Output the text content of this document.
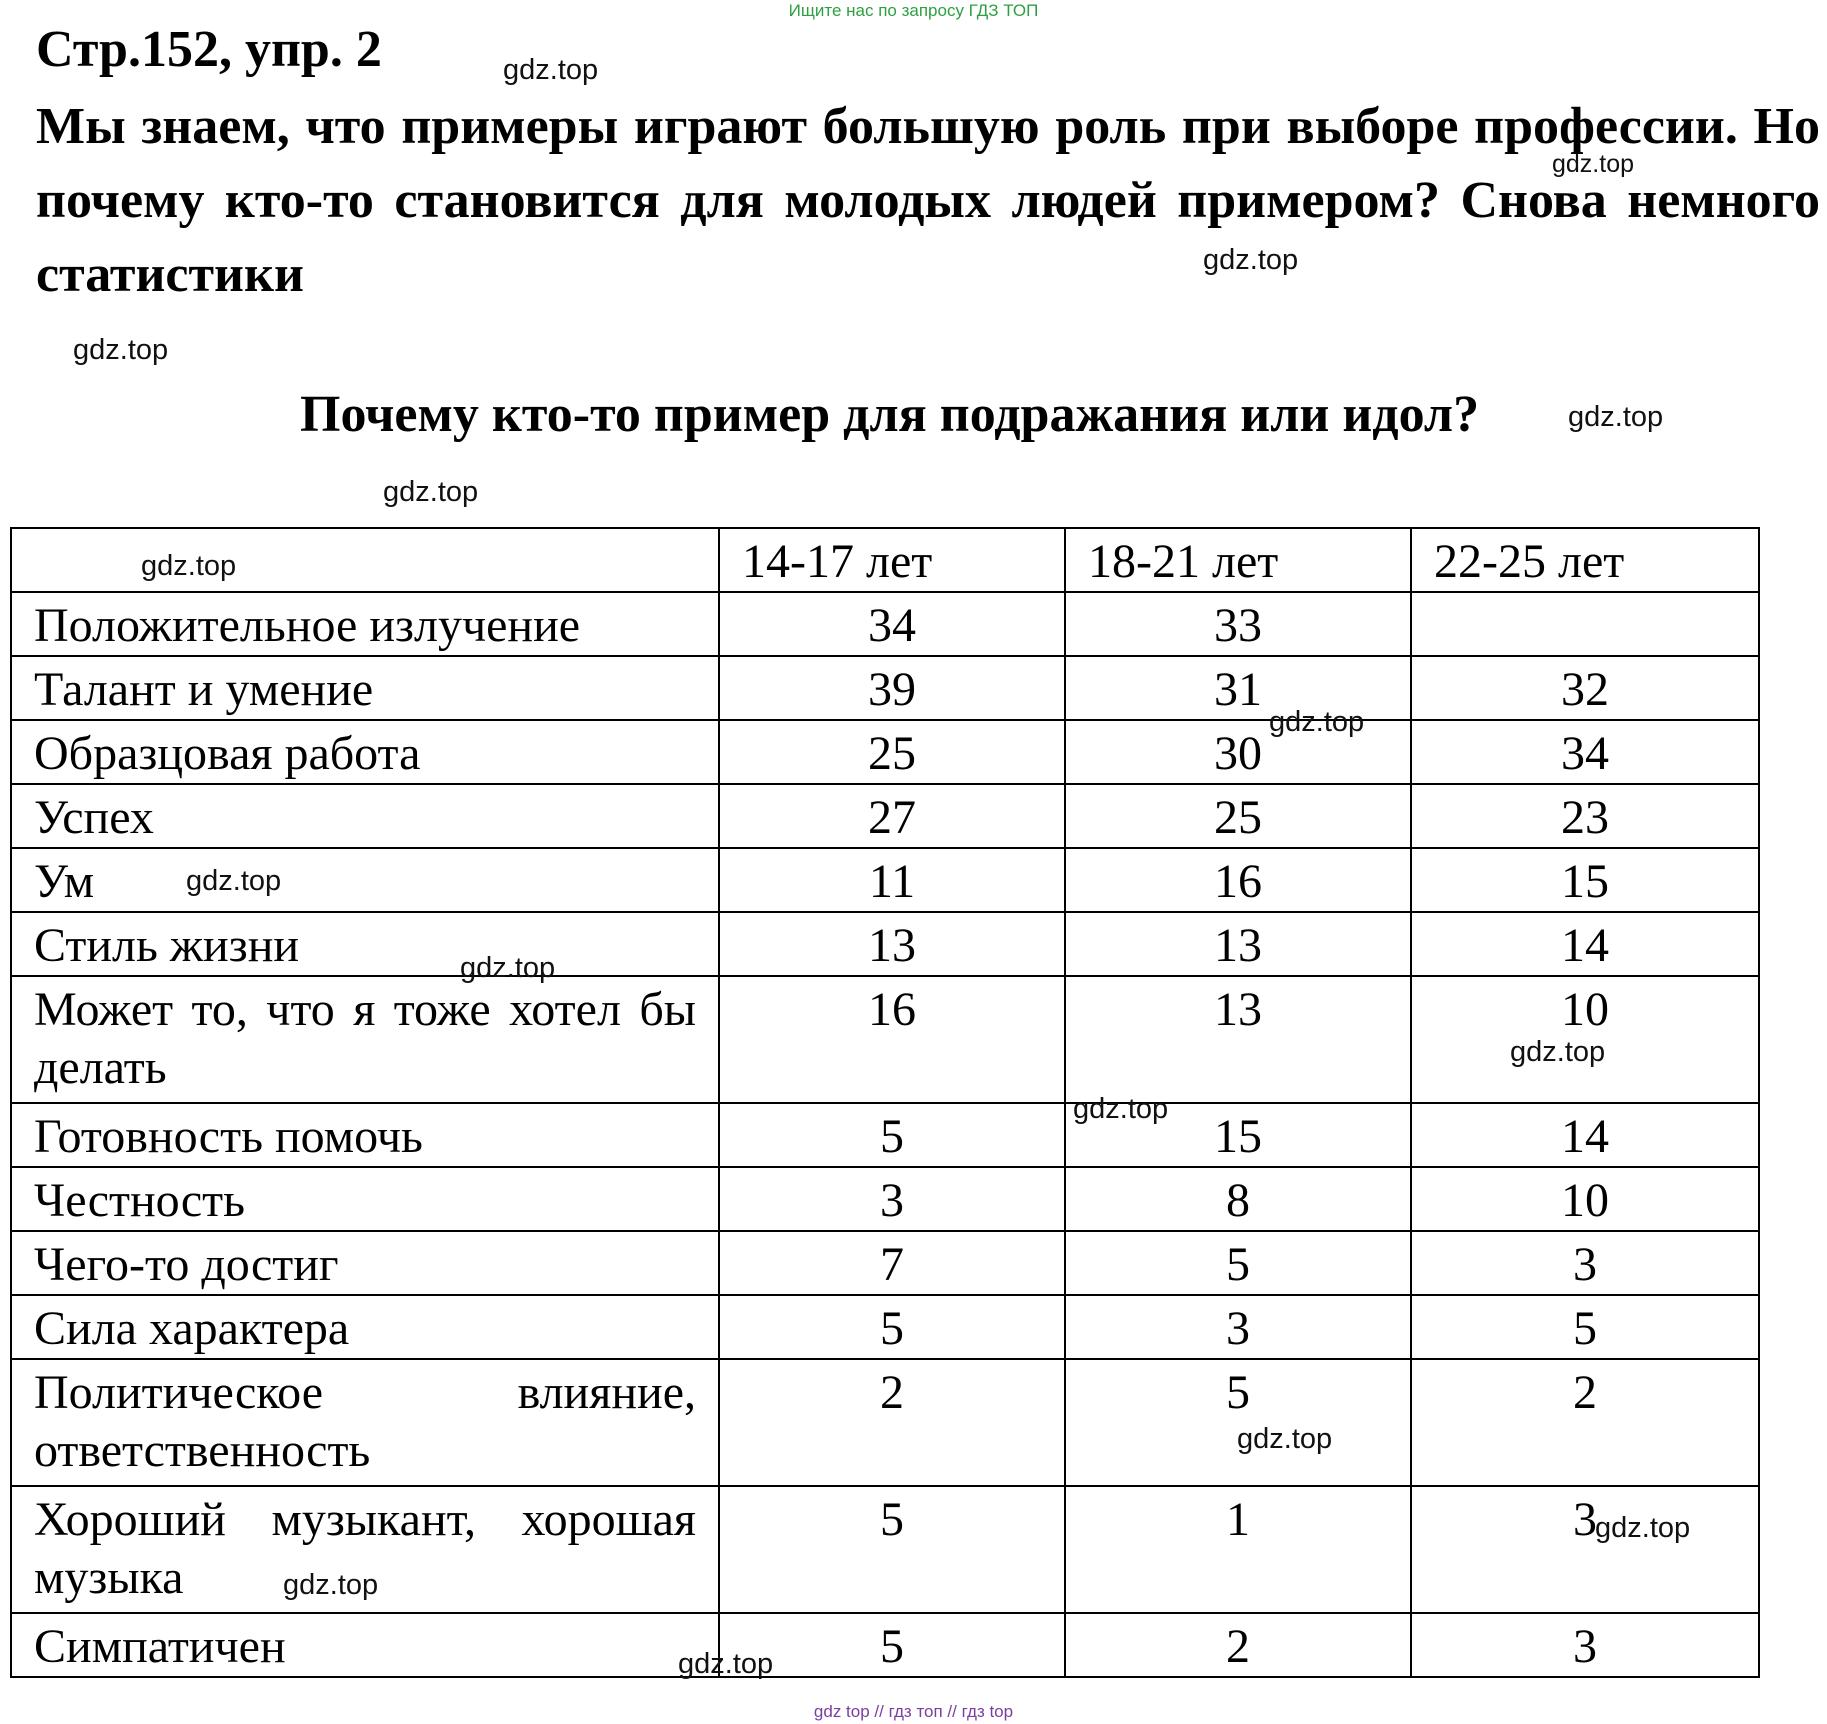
Ищите нас по запросу ГДЗ ТОП
Стр.152, упр. 2

Мы знаем, что примеры играют большую роль при выборе профессии. Но почему кто-то становится для молодых людей примером? Снова немного статистики

Почему кто-то пример для подражания или идол?
	14-17 лет	18-21 лет	22-25 лет
Положительное излучение	34	33	
Талант и умение	39	31	32
Образцовая работа	25	30	34
Успех	27	25	23
Ум	11	16	15
Стиль жизни	13	13	14
Может то, что я тоже хотел бы делать	16	13	10
Готовность помочь	5	15	14
Честность	3	8	10
Чего-то достиг	7	5	3
Сила характера	5	3	5
Политическое влияние, ответственность	2	5	2
Хороший музыкант, хорошая музыка	5	1	3
Симпатичен	5	2	3
gdz.top
gdz.top
gdz.top
gdz.top
gdz.top
gdz.top
gdz.top
gdz.top
gdz.top
gdz.top
gdz.top
gdz.top
gdz.top
gdz.top
gdz.top
gdz.top
gdz top // гдз топ // гдз top
